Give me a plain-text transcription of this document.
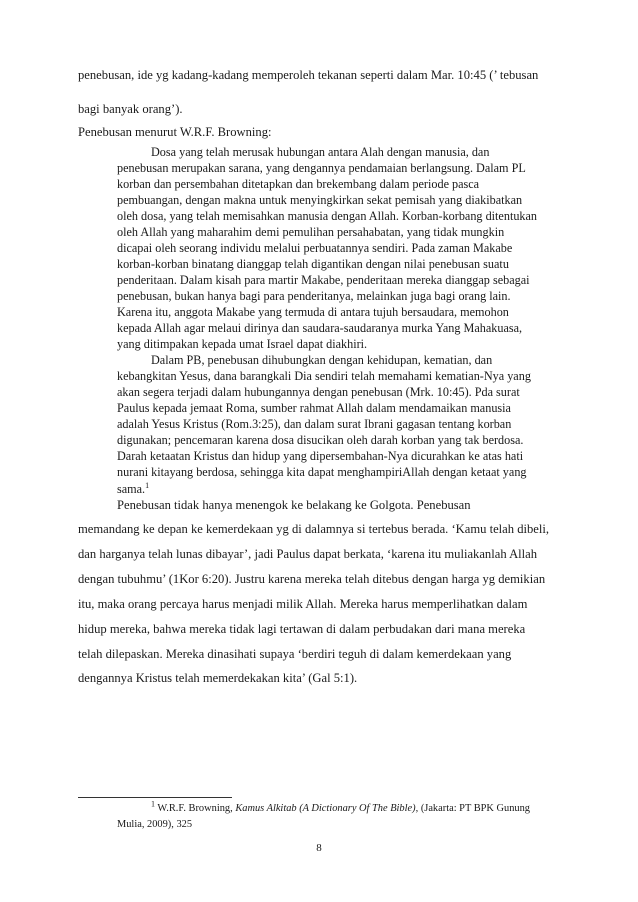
penebusan, ide yg kadang-kadang memperoleh tekanan seperti dalam Mar. 10:45 (’ tebusan
bagi banyak orang’).
Penebusan menurut W.R.F. Browning:
Dosa yang telah merusak hubungan antara Alah dengan manusia, dan
penebusan merupakan sarana, yang dengannya pendamaian berlangsung. Dalam PL
korban dan persembahan ditetapkan dan brekembang dalam periode pasca
pembuangan, dengan makna untuk menyingkirkan sekat pemisah yang diakibatkan
oleh dosa, yang telah memisahkan manusia dengan Allah. Korban-korbang ditentukan
oleh Allah yang maharahim demi pemulihan persahabatan, yang tidak mungkin
dicapai oleh seorang individu melalui perbuatannya sendiri. Pada zaman Makabe
korban-korban binatang dianggap telah digantikan dengan nilai penebusan suatu
penderitaan. Dalam kisah para martir Makabe, penderitaan mereka dianggap sebagai
penebusan, bukan hanya bagi para penderitanya, melainkan juga bagi orang lain.
Karena itu, anggota Makabe yang termuda di antara tujuh bersaudara, memohon
kepada Allah agar melaui dirinya dan saudara-saudaranya murka Yang Mahakuasa,
yang ditimpakan kepada umat Israel dapat diakhiri.
Dalam PB, penebusan dihubungkan dengan kehidupan, kematian, dan
kebangkitan Yesus, dana barangkali Dia sendiri telah memahami kematian-Nya yang
akan segera terjadi dalam hubungannya dengan penebusan (Mrk. 10:45). Pda surat
Paulus kepada jemaat Roma, sumber rahmat Allah dalam mendamaikan manusia
adalah Yesus Kristus (Rom.3:25), dan dalam surat Ibrani gagasan tentang korban
digunakan; pencemaran karena dosa disucikan oleh darah korban yang tak berdosa.
Darah ketaatan Kristus dan hidup yang dipersembahan-Nya dicurahkan ke atas hati
nurani kitayang berdosa, sehingga kita dapat menghampiriAllah dengan ketaat yang
sama.$^1$
Penebusan tidak hanya menengok ke belakang ke Golgota. Penebusan
memandang ke depan ke kemerdekaan yg di dalamnya si tertebus berada. ‘Kamu telah dibeli,
dan harganya telah lunas dibayar’, jadi Paulus dapat berkata, ‘karena itu muliakanlah Allah
dengan tubuhmu’ (1Kor 6:20). Justru karena mereka telah ditebus dengan harga yg demikian
itu, maka orang percaya harus menjadi milik Allah. Mereka harus memperlihatkan dalam
hidup mereka, bahwa mereka tidak lagi tertawan di dalam perbudakan dari mana mereka
telah dilepaskan. Mereka dinasihati supaya ‘berdiri teguh di dalam kemerdekaan yang
dengannya Kristus telah memerdekakan kita’ (Gal 5:1).
$^1$ W.R.F. Browning, Kamus Alkitab (A Dictionary Of The Bible), (Jakarta: PT BPK Gunung
Mulia, 2009), 325
8
